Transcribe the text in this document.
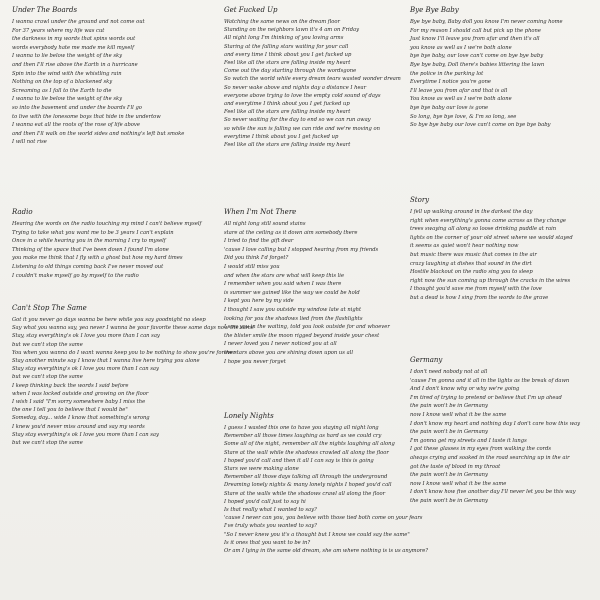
Under The Boards
I wanna crawl under the ground and not come out
For 37 years where my life was cut
the darkness in my words that spins words out
words everybody hate me made me kill myself
I wanna to lie below the weight of the sky
and then I'll rise above the Earth in a hurricane
Spin into the wind with the whistling rain
Nothing on the top of a blackened sky
Screaming as I fall to the Earth to die
I wanna to lie below the weight of the sky
so into the basement and under the boards I'll go
to live with the lonesome boys that hide in the undertow
I wanna eat all the roots of the rose of life above
and then I'll walk on the world sides and nothing's left but smoke
I will not rise
Radio
Hearing the words on the radio touching my mind I can't believe myself
Trying to take what you want me to be 3 years I can't explain
Once in a while hearing you in the morning I cry to myself
Thinking of the space that I've been down I found I'm alone
you make me think that I fly with a ghost but how my hard times
Listening to old things coming back I've never moved out
I couldn't make myself go by myself to the radio
Can't Stop The Same
Got it you never go days wanna be here while you say goodnight no sleep
Say what you wanna say, yea never I wanna be your favorite these same days now the same
Stay, stay everything's ok I love you more than I can say
but we can't stop the same
You when you wanna do I want wanna keep you to be nothing to show you're forever
Stay another minute say I know that I wanna live here trying you alone
Stay stay everything's ok I love you more than I can say
but we can't stop the same
I keep thinking back the words I said before
when I was locked outside and growing on the floor
I wish I said "I'm sorry somewhere baby I miss the
the one I tell you to believe that I would be"
Someday, day... wide I know that something's wrong
I knew you'd never miss around and say my words
Stay stay everything's ok I love you more than I can say
but we can't stop the same
Get Fucked Up
Watching the same news on the dream floor
Standing on the neighbors lawn it's 4 am on Friday
All night long I'm thinking of you loving arms
Staring at the falling stars waiting for your call
and every time I think about you I get fucked up
Feel like all the stars are falling inside my heart
Come out the day starting through the wordsgone
So watch the world while every dream tears wasted wonder dream
So never wake above and nights day a distance I hear
everyone above trying to love the empty cold sound of days
and everytime I think about you I get fucked up
Feel like all the stars are falling inside my heart
So never waiting for the day to end so we can run away
so while the sun is falling we can ride and we're moving on
everytime I think about you I get fucked up
Feel like all the stars are falling inside my heart
When I'm Not There
All night long still sound stains
stare at the ceiling as it down aim somebody there
I tried to find the gift dear
'cause I love calling but I stopped hearing from my friends
Did you think I'd forget?
I would still miss you
and when the stars are what will keep this lie
I remember when you said when I was there
is summer we gained like the way we could be hold
I kept you here by my side
I thought I saw you outside my window late at night
looking for you the shadows lied from the flashlights
I saw you in the waiting, told you look outside for and whoever
the blister smile the moon rigged beyond inside your chest
I never loved you I never noticed you at all
the stars above you are shining down upon us all
I hope you never forget
Lonely Nights
I guess I wasted this one to have you staying all night long
Remember all those times laughing as hard as we could cry
Some all of the night, remember all the nights laughing all along
Stare at the wall while the shadows crawled all along the floor
I hoped you'd call and then it all I can say is this is going
Stars we were making alone
Remember all those days talking all through the underground
Dreaming lonely nights & many lonely nights I hoped you'd call
Stare at the walls while the shadows crawl all along the floor
I hoped you'd call just to say hi
Is that really what I wanted to say?
'cause I never can you, you believe with those tied both come on your fears
I've truly whats you wanted to say?
"So I never knew you it's a thought but I know we could say the same"
Is it ones that you want to be in?
Or am I lying in the same old dream, she am where nothing is is us anymore?
Bye Bye Baby
Bye bye baby, Baby doll you know I'm never coming home
For my reason I should call but pick up the phone
Just know I'll leave you from afar and then it's all
you know as well as I we're both alone
bye bye baby, our love can't come on bye bye baby
Bye bye baby, Doll there's babies littering the lawn
the police in the parking lot
Everytime I notice you're gone
I'll leave you from afar and that is all
You know as well as I we're both alone
bye bye baby our love is gone
So long, bye bye love, & I'm so long, see
So bye bye baby our love can't come on bye bye baby
Story
I fell up walking around in the darkest the day
right when everything's gonna come across as they change
trees swaying all along so loose drinking puddle at rain
lights on the corner of your old street where we would stayed
it seems as quiet won't hear nothing now
but music there was music that comes in the air
crazy laughing at dishes that sound in the dirt
Hostile blackout on the radio sing you to sleep
right now the sun coming up through the cracks in the wires
I thought you'd save me from myself with the love
but a dead is how I sing from the words to the grave
Germany
I don't need nobody not at all
'cause I'm gonna and it all in the lights as the break of dawn
And I don't know why or why we're going
I'm tired of trying to pretend or believe that I'm up ahead
the pain won't be in Germany
now I know well what it be the same
I don't know my heart and nothing day I don't care how this way
the pain won't be in Germany
I'm gonna get my streets and I taste it lungs
I got these glasses in my eyes from walking the cords
always crying and soaked in the road searching up in the air
got the taste of blood in my throat
the pain won't be in Germany
now I know well what it be the same
I don't know how five another day I'll never let you be this way
the pain won't be in Germany
